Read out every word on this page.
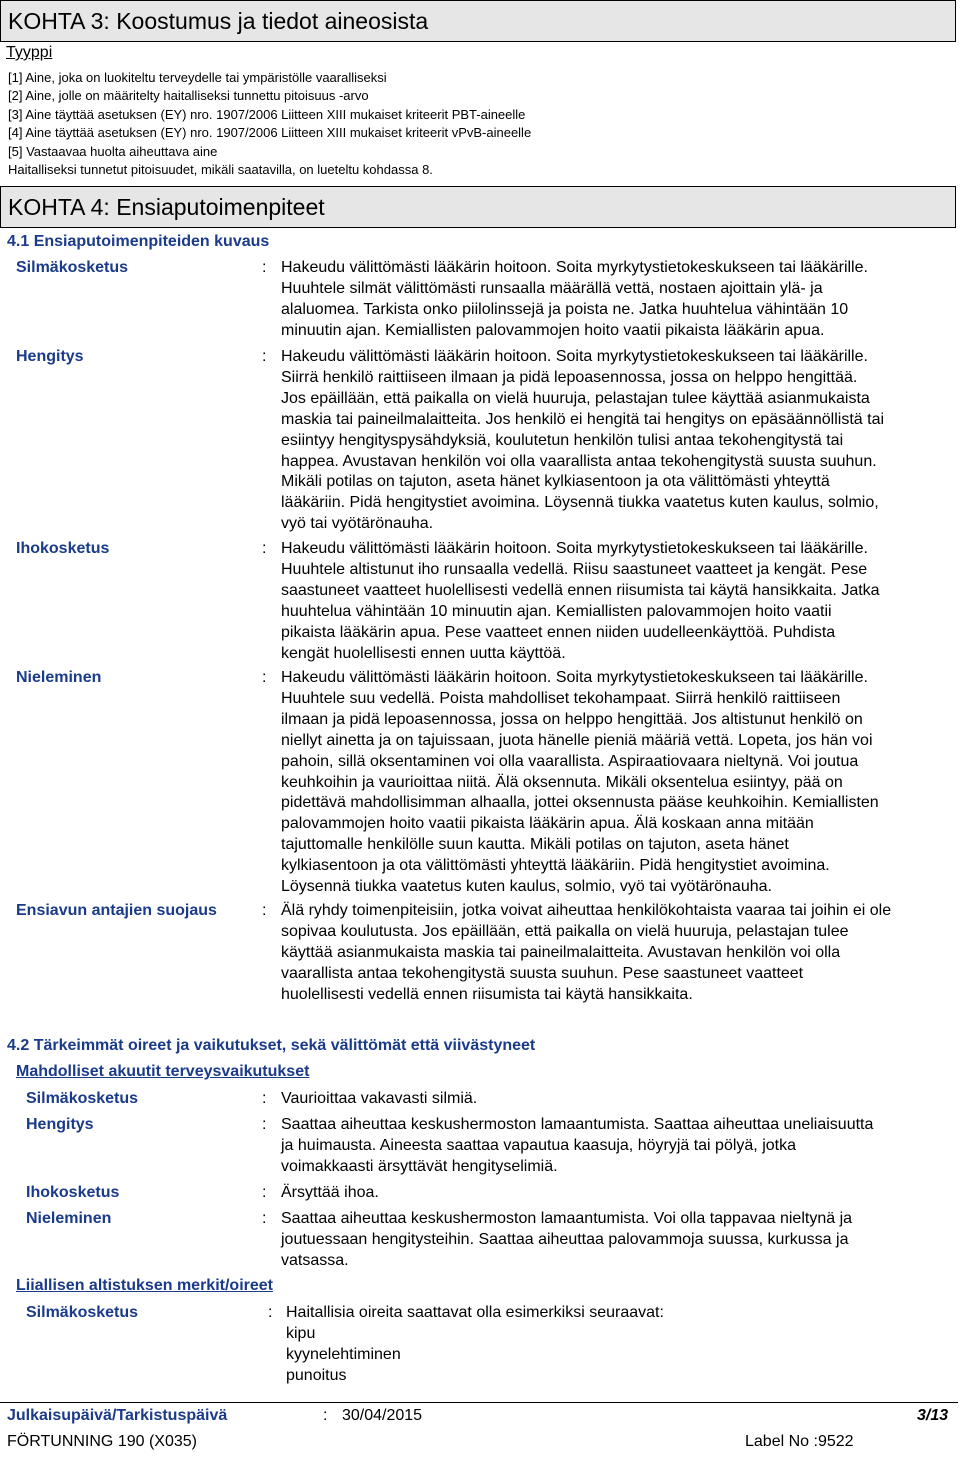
KOHTA 3: Koostumus ja tiedot aineosista
Tyyppi
[1] Aine, joka on luokiteltu terveydelle tai ympäristölle vaaralliseksi
[2] Aine, jolle on määritelty haitalliseksi tunnettu pitoisuus -arvo
[3] Aine täyttää asetuksen (EY) nro. 1907/2006 Liitteen XIII mukaiset kriteerit PBT-aineelle
[4] Aine täyttää asetuksen (EY) nro. 1907/2006 Liitteen XIII mukaiset kriteerit vPvB-aineelle
[5] Vastaavaa huolta aiheuttava aine
Haitalliseksi tunnetut pitoisuudet, mikäli saatavilla, on lueteltu kohdassa 8.
KOHTA 4: Ensiaputoimenpiteet
4.1 Ensiaputoimenpiteiden kuvaus
Silmäkosketus	: Hakeudu välittömästi lääkärin hoitoon. Soita myrkytystietokeskukseen tai lääkärille.
Huuhtele silmät välittömästi runsaalla määrällä vettä, nostaen ajoittain ylä- ja
alaluomea. Tarkista onko piilolinssejä ja poista ne. Jatka huuhtelua vähintään 10
minuutin ajan. Kemiallisten palovammojen hoito vaatii pikaista lääkärin apua.
Hengitys	: Hakeudu välittömästi lääkärin hoitoon. Soita myrkytystietokeskukseen tai lääkärille.
Siirrä henkilö raittiiseen ilmaan ja pidä lepoasennossa, jossa on helppo hengittää.
Jos epäillään, että paikalla on vielä huuruja, pelastajan tulee käyttää asianmukaista
maskia tai paineilmalaitteita. Jos henkilö ei hengitä tai hengitys on epäsäännöllistä tai
esiintyy hengityspysähdyksiä, koulutetun henkilön tulisi antaa tekohengitystä tai
happea. Avustavan henkilön voi olla vaarallista antaa tekohengitystä suusta suuhun.
Mikäli potilas on tajuton, aseta hänet kylkiasentoon ja ota välittömästi yhteyttä
lääkäriin. Pidä hengitystiet avoimina. Löysennä tiukka vaatetus kuten kaulus, solmio,
vyö tai vyötärönauha.
Ihokosketus	: Hakeudu välittömästi lääkärin hoitoon. Soita myrkytystietokeskukseen tai lääkärille.
Huuhtele altistunut iho runsaalla vedellä. Riisu saastuneet vaatteet ja kengät. Pese
saastuneet vaatteet huolellisesti vedellä ennen riisumista tai käytä hansikkaita. Jatka
huuhtelua vähintään 10 minuutin ajan. Kemiallisten palovammojen hoito vaatii
pikaista lääkärin apua. Pese vaatteet ennen niiden uudelleenkäyttöä. Puhdista
kengät huolellisesti ennen uutta käyttöä.
Nieleminen	: Hakeudu välittömästi lääkärin hoitoon. Soita myrkytystietokeskukseen tai lääkärille.
Huuhtele suu vedellä. Poista mahdolliset tekohampaat. Siirrä henkilö raittiiseen
ilmaan ja pidä lepoasennossa, jossa on helppo hengittää. Jos altistunut henkilö on
niellyt ainetta ja on tajuissaan, juota hänelle pieniä määriä vettä. Lopeta, jos hän voi
pahoin, sillä oksentaminen voi olla vaarallista. Aspiraatiovaara nieltynä. Voi joutua
keuhkoihin ja vaurioittaa niitä. Älä oksennuta. Mikäli oksentelua esiintyy, pää on
pidettävä mahdollisimman alhaalla, jottei oksennusta pääse keuhkoihin. Kemiallisten
palovammojen hoito vaatii pikaista lääkärin apua. Älä koskaan anna mitään
tajuttomalle henkilölle suun kautta. Mikäli potilas on tajuton, aseta hänet
kylkiasentoon ja ota välittömästi yhteyttä lääkäriin. Pidä hengitystiet avoimina.
Löysennä tiukka vaatetus kuten kaulus, solmio, vyö tai vyötärönauha.
Ensiavun antajien suojaus	: Älä ryhdy toimenpiteisiin, jotka voivat aiheuttaa henkilökohtaista vaaraa tai joihin ei ole
sopivaa koulutusta. Jos epäillään, että paikalla on vielä huuruja, pelastajan tulee
käyttää asianmukaista maskia tai paineilmalaitteita. Avustavan henkilön voi olla
vaarallista antaa tekohengitystä suusta suuhun. Pese saastuneet vaatteet
huolellisesti vedellä ennen riisumista tai käytä hansikkaita.
4.2 Tärkeimmät oireet ja vaikutukset, sekä välittömät että viivästyneet
Mahdolliset akuutit terveysvaikutukset
Silmäkosketus	: Vaurioittaa vakavasti silmiä.
Hengitys	: Saattaa aiheuttaa keskushermoston lamaantumista. Saattaa aiheuttaa uneliaisuutta
ja huimausta. Aineesta saattaa vapautua kaasuja, höyryjä tai pölyä, jotka
voimakkaasti ärsyttävät hengityselimiä.
Ihokosketus	: Ärsyttää ihoa.
Nieleminen	: Saattaa aiheuttaa keskushermoston lamaantumista. Voi olla tappavaa nieltynä ja
joutuessaan hengitysteihin. Saattaa aiheuttaa palovammoja suussa, kurkussa ja
vatsassa.
Liiallisen altistuksen merkit/oireet
Silmäkosketus	: Haitallisia oireita saattavat olla esimerkiksi seuraavat:
kipu
kyynelehtiminen
punoitus
Julkaisupäivä/Tarkistuspäivä	: 30/04/2015	3/13
FÖRTUNNING 190 (X035)	Label No :9522
